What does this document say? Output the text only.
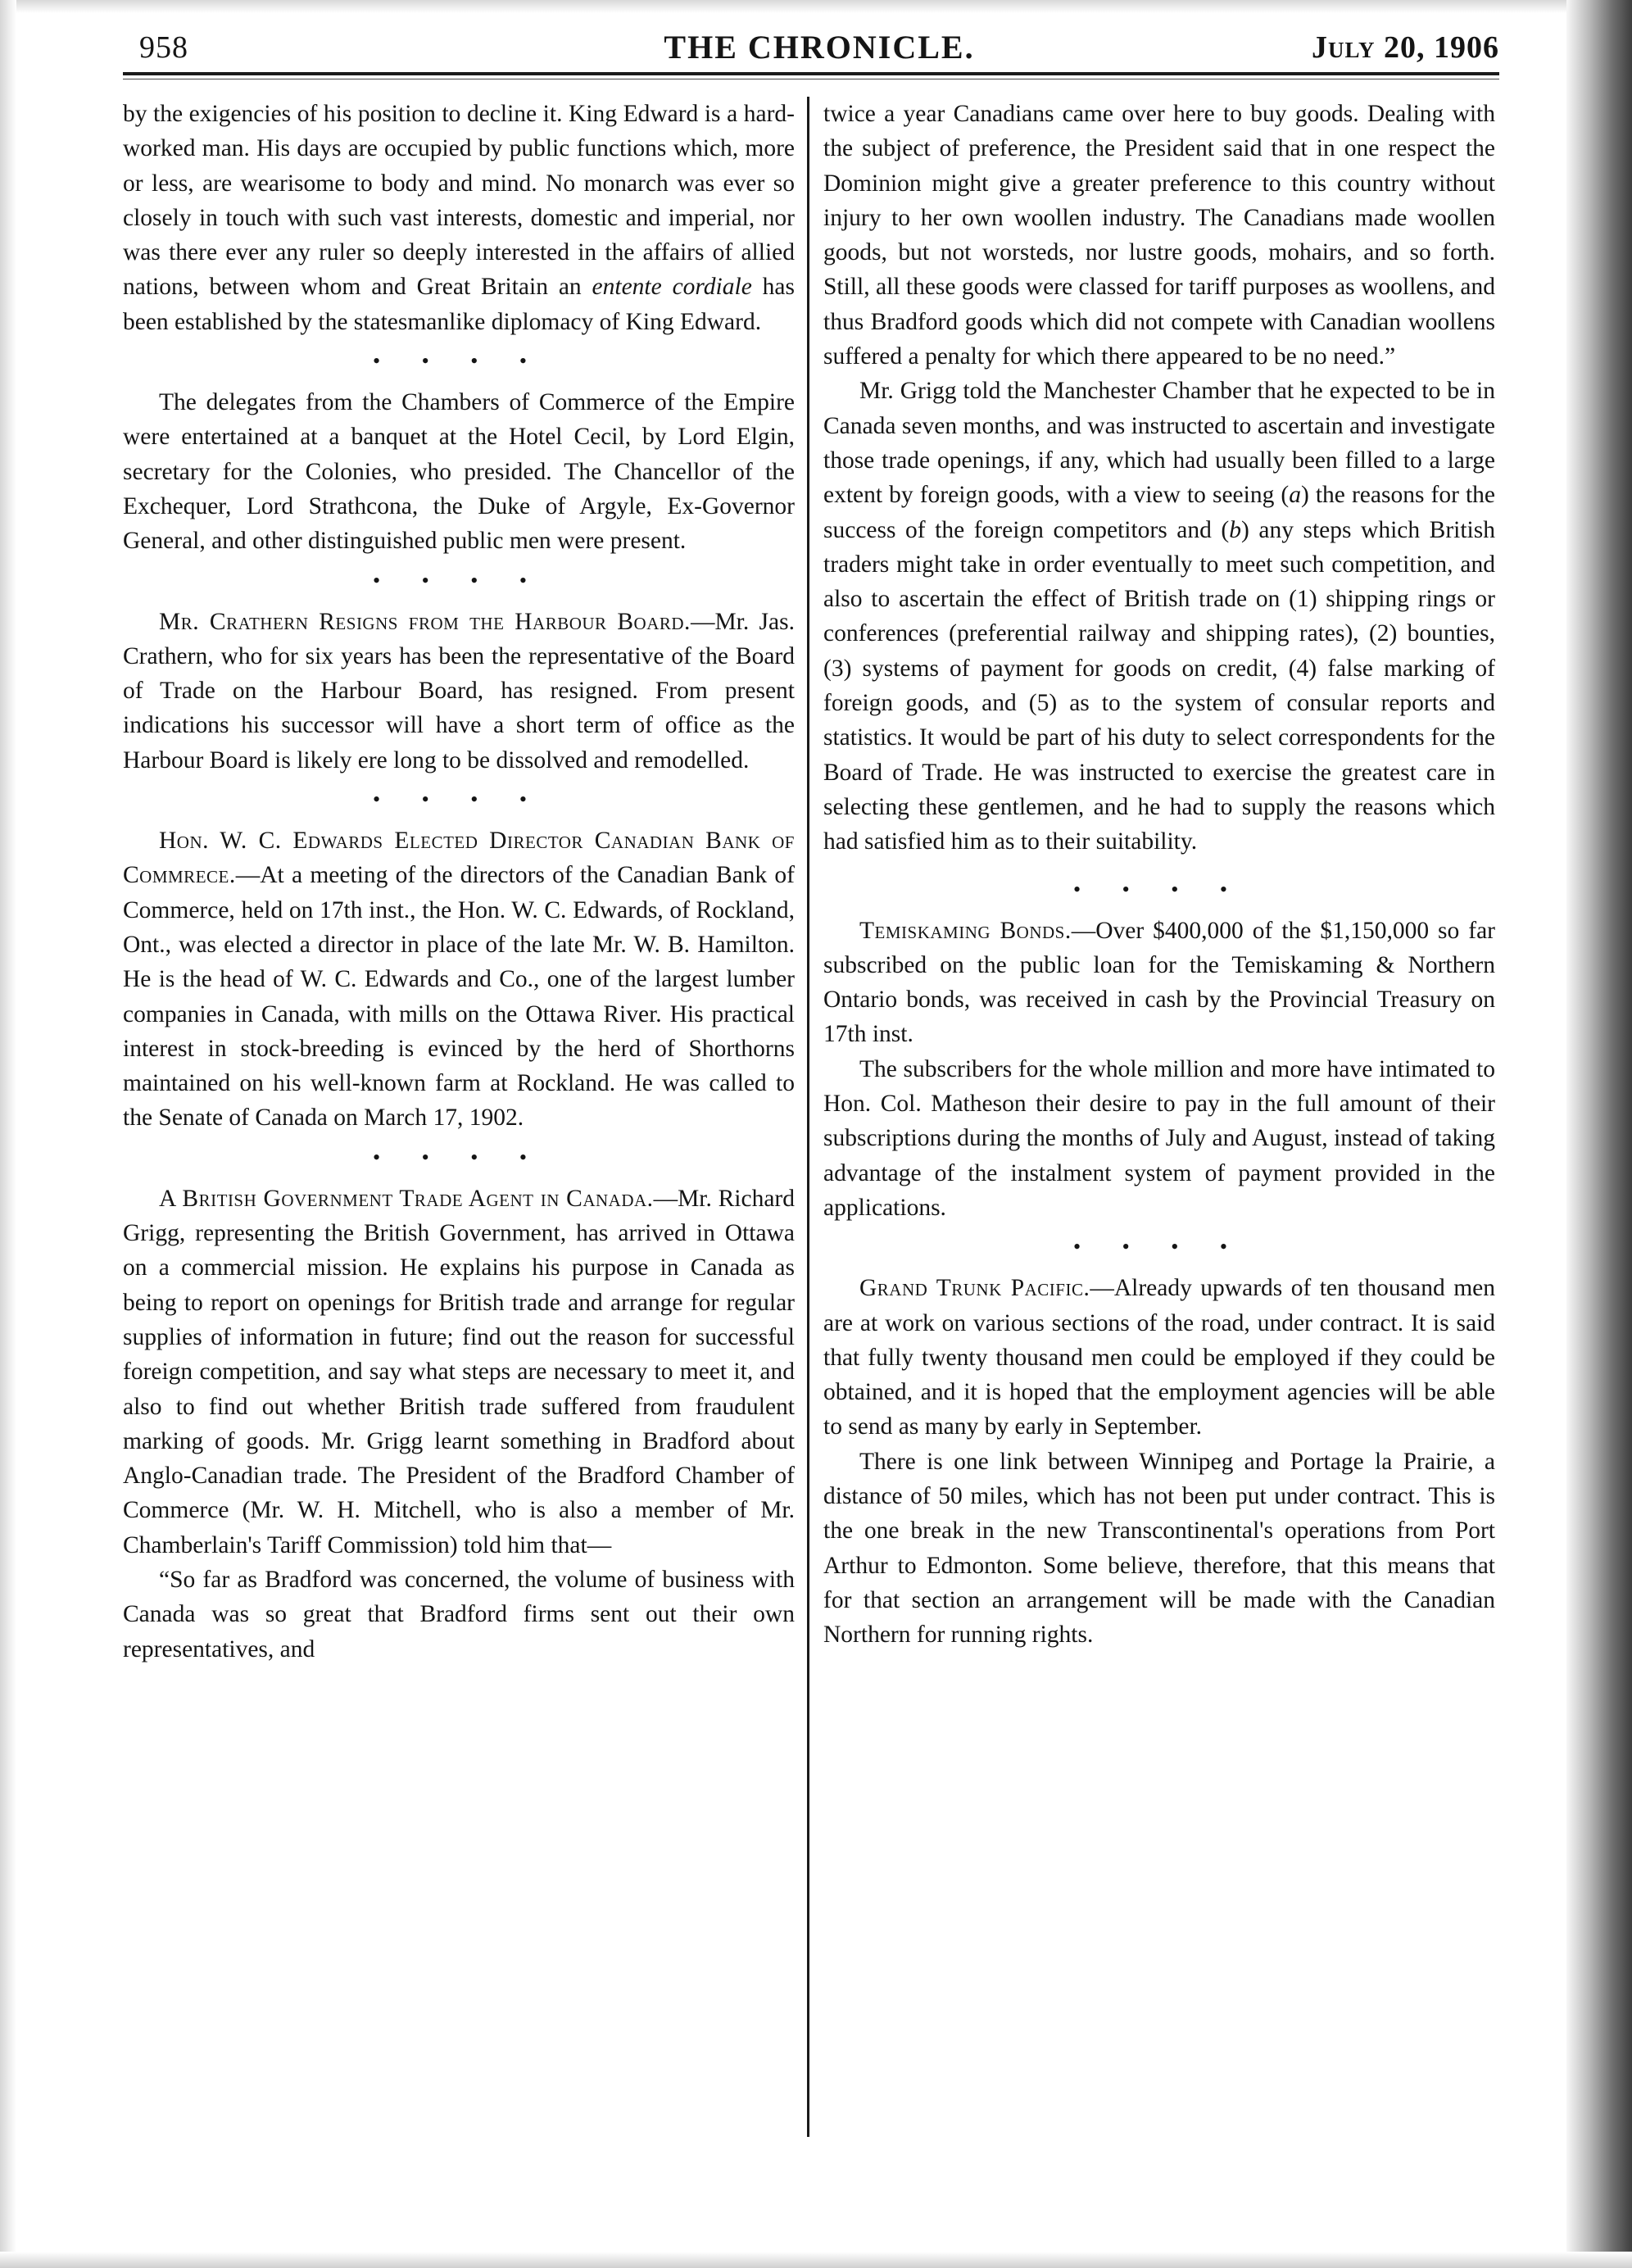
958	THE CHRONICLE.	July 20, 1906

by the exigencies of his position to decline it. King Edward is a hard-worked man. His days are occupied by public functions which, more or less, are wearisome to body and mind. No monarch was ever so closely in touch with such vast interests, domestic and imperial, nor was there ever any ruler so deeply interested in the affairs of allied nations, between whom and Great Britain an entente cordiale has been established by the statesmanlike diplomacy of King Edward.

• • • •

The delegates from the Chambers of Commerce of the Empire were entertained at a banquet at the Hotel Cecil, by Lord Elgin, secretary for the Colonies, who presided. The Chancellor of the Exchequer, Lord Strathcona, the Duke of Argyle, Ex-Governor General, and other distinguished public men were present.

• • • •

Mr. Crathern Resigns from the Harbour Board.—Mr. Jas. Crathern, who for six years has been the representative of the Board of Trade on the Harbour Board, has resigned. From present indications his successor will have a short term of office as the Harbour Board is likely ere long to be dissolved and remodelled.

• • • •

Hon. W. C. Edwards Elected Director Canadian Bank of Commrece.—At a meeting of the directors of the Canadian Bank of Commerce, held on 17th inst., the Hon. W. C. Edwards, of Rockland, Ont., was elected a director in place of the late Mr. W. B. Hamilton. He is the head of W. C. Edwards and Co., one of the largest lumber companies in Canada, with mills on the Ottawa River. His practical interest in stock-breeding is evinced by the herd of Shorthorns maintained on his well-known farm at Rockland. He was called to the Senate of Canada on March 17, 1902.

• • • •

A British Government Trade Agent in Canada.—Mr. Richard Grigg, representing the British Government, has arrived in Ottawa on a commercial mission. He explains his purpose in Canada as being to report on openings for British trade and arrange for regular supplies of information in future; find out the reason for successful foreign competition, and say what steps are necessary to meet it, and also to find out whether British trade suffered from fraudulent marking of goods. Mr. Grigg learnt something in Bradford about Anglo-Canadian trade. The President of the Bradford Chamber of Commerce (Mr. W. H. Mitchell, who is also a member of Mr. Chamberlain's Tariff Commission) told him that—

“So far as Bradford was concerned, the volume of business with Canada was so great that Bradford firms sent out their own representatives, and

twice a year Canadians came over here to buy goods. Dealing with the subject of preference, the President said that in one respect the Dominion might give a greater preference to this country without injury to her own woollen industry. The Canadians made woollen goods, but not worsteds, nor lustre goods, mohairs, and so forth. Still, all these goods were classed for tariff purposes as woollens, and thus Bradford goods which did not compete with Canadian woollens suffered a penalty for which there appeared to be no need.”

Mr. Grigg told the Manchester Chamber that he expected to be in Canada seven months, and was instructed to ascertain and investigate those trade openings, if any, which had usually been filled to a large extent by foreign goods, with a view to seeing (a) the reasons for the success of the foreign competitors and (b) any steps which British traders might take in order eventually to meet such competition, and also to ascertain the effect of British trade on (1) shipping rings or conferences (preferential railway and shipping rates), (2) bounties, (3) systems of payment for goods on credit, (4) false marking of foreign goods, and (5) as to the system of consular reports and statistics. It would be part of his duty to select correspondents for the Board of Trade. He was instructed to exercise the greatest care in selecting these gentlemen, and he had to supply the reasons which had satisfied him as to their suitability.

• • • •

Temiskaming Bonds.—Over $400,000 of the $1,150,000 so far subscribed on the public loan for the Temiskaming & Northern Ontario bonds, was received in cash by the Provincial Treasury on 17th inst.

The subscribers for the whole million and more have intimated to Hon. Col. Matheson their desire to pay in the full amount of their subscriptions during the months of July and August, instead of taking advantage of the instalment system of payment provided in the applications.

• • • •

Grand Trunk Pacific.—Already upwards of ten thousand men are at work on various sections of the road, under contract. It is said that fully twenty thousand men could be employed if they could be obtained, and it is hoped that the employment agencies will be able to send as many by early in September.

There is one link between Winnipeg and Portage la Prairie, a distance of 50 miles, which has not been put under contract. This is the one break in the new Transcontinental's operations from Port Arthur to Edmonton. Some believe, therefore, that this means that for that section an arrangement will be made with the Canadian Northern for running rights.
